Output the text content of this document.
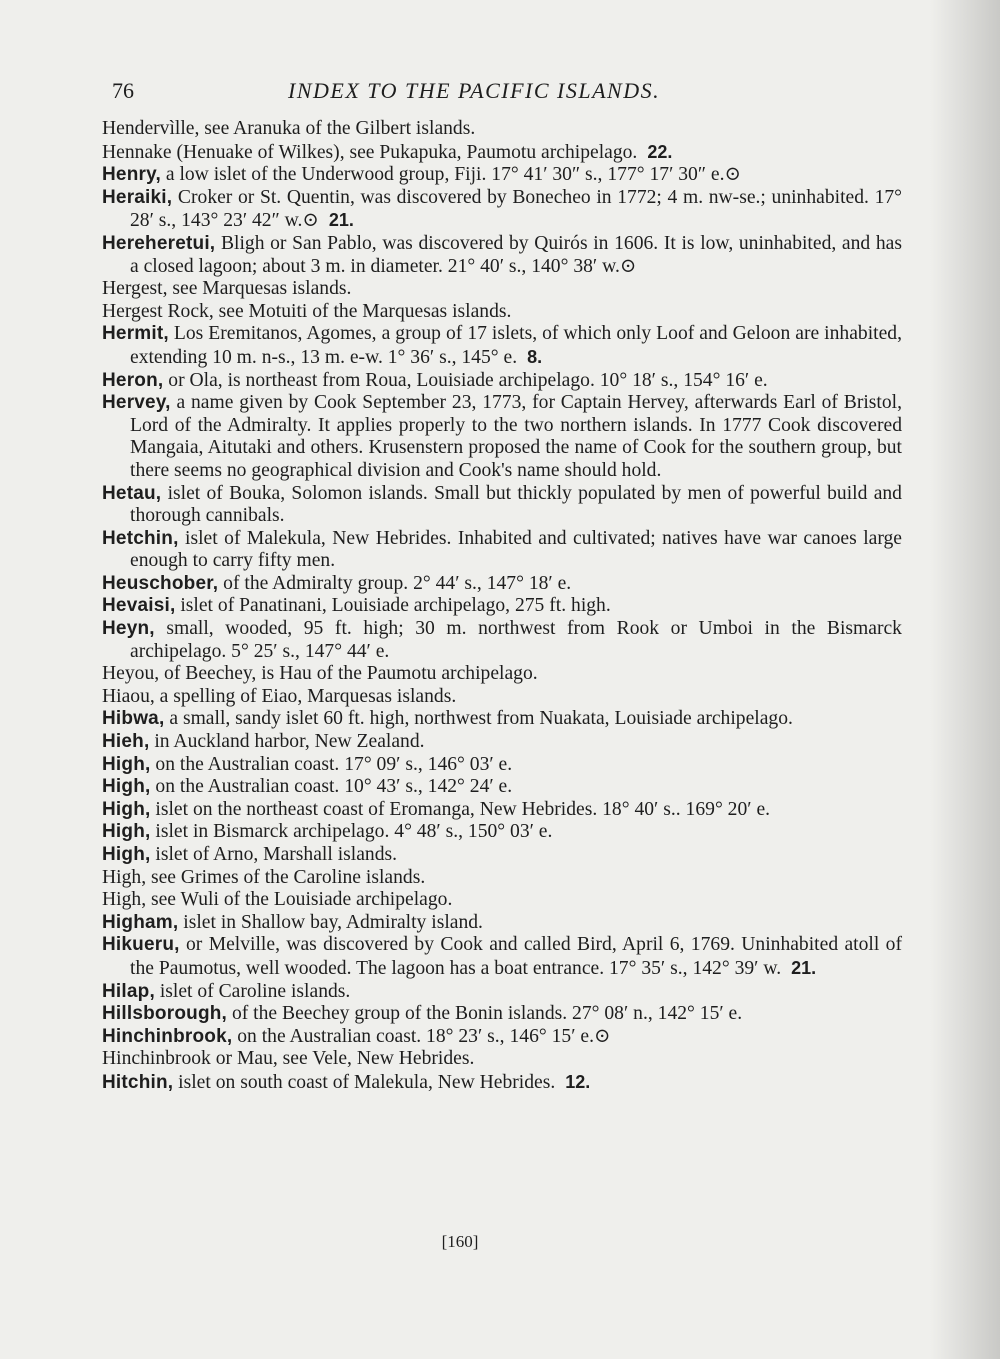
76	INDEX TO THE PACIFIC ISLANDS.
Hendervìlle, see Aranuka of the Gilbert islands.
Hennake (Henuake of Wilkes), see Pukapuka, Paumotu archipelago. 22.
Henry, a low islet of the Underwood group, Fiji. 17° 41′ 30″ s., 177° 17′ 30″ e.⊙
Heraiki, Croker or St. Quentin, was discovered by Bonecheo in 1772; 4 m. nw-se.; uninhabited. 17° 28′ s., 143° 23′ 42″ w.⊙ 21.
Hereheretui, Bligh or San Pablo, was discovered by Quirós in 1606. It is low, uninhabited, and has a closed lagoon; about 3 m. in diameter. 21° 40′ s., 140° 38′ w.⊙
Hergest, see Marquesas islands.
Hergest Rock, see Motuiti of the Marquesas islands.
Hermit, Los Eremitanos, Agomes, a group of 17 islets, of which only Loof and Geloon are inhabited, extending 10 m. n-s., 13 m. e-w. 1° 36′ s., 145° e. 8.
Heron, or Ola, is northeast from Roua, Louisiade archipelago. 10° 18′ s., 154° 16′ e.
Hervey, a name given by Cook September 23, 1773, for Captain Hervey, afterwards Earl of Bristol, Lord of the Admiralty. It applies properly to the two northern islands. In 1777 Cook discovered Mangaia, Aitutaki and others. Krusenstern proposed the name of Cook for the southern group, but there seems no geographical division and Cook's name should hold.
Hetau, islet of Bouka, Solomon islands. Small but thickly populated by men of powerful build and thorough cannibals.
Hetchin, islet of Malekula, New Hebrides. Inhabited and cultivated; natives have war canoes large enough to carry fifty men.
Heuschober, of the Admiralty group. 2° 44′ s., 147° 18′ e.
Hevaisi, islet of Panatinani, Louisiade archipelago, 275 ft. high.
Heyn, small, wooded, 95 ft. high; 30 m. northwest from Rook or Umboi in the Bismarck archipelago. 5° 25′ s., 147° 44′ e.
Heyou, of Beechey, is Hau of the Paumotu archipelago.
Hiaou, a spelling of Eiao, Marquesas islands.
Hibwa, a small, sandy islet 60 ft. high, northwest from Nuakata, Louisiade archipelago.
Hieh, in Auckland harbor, New Zealand.
High, on the Australian coast. 17° 09′ s., 146° 03′ e.
High, on the Australian coast. 10° 43′ s., 142° 24′ e.
High, islet on the northeast coast of Eromanga, New Hebrides. 18° 40′ s.. 169° 20′ e.
High, islet in Bismarck archipelago. 4° 48′ s., 150° 03′ e.
High, islet of Arno, Marshall islands.
High, see Grimes of the Caroline islands.
High, see Wuli of the Louisiade archipelago.
Higham, islet in Shallow bay, Admiralty island.
Hikueru, or Melville, was discovered by Cook and called Bird, April 6, 1769. Uninhabited atoll of the Paumotus, well wooded. The lagoon has a boat entrance. 17° 35′ s., 142° 39′ w. 21.
Hilap, islet of Caroline islands.
Hillsborough, of the Beechey group of the Bonin islands. 27° 08′ n., 142° 15′ e.
Hinchinbrook, on the Australian coast. 18° 23′ s., 146° 15′ e.⊙
Hinchinbrook or Mau, see Vele, New Hebrides.
Hitchin, islet on south coast of Malekula, New Hebrides. 12.
[160]
